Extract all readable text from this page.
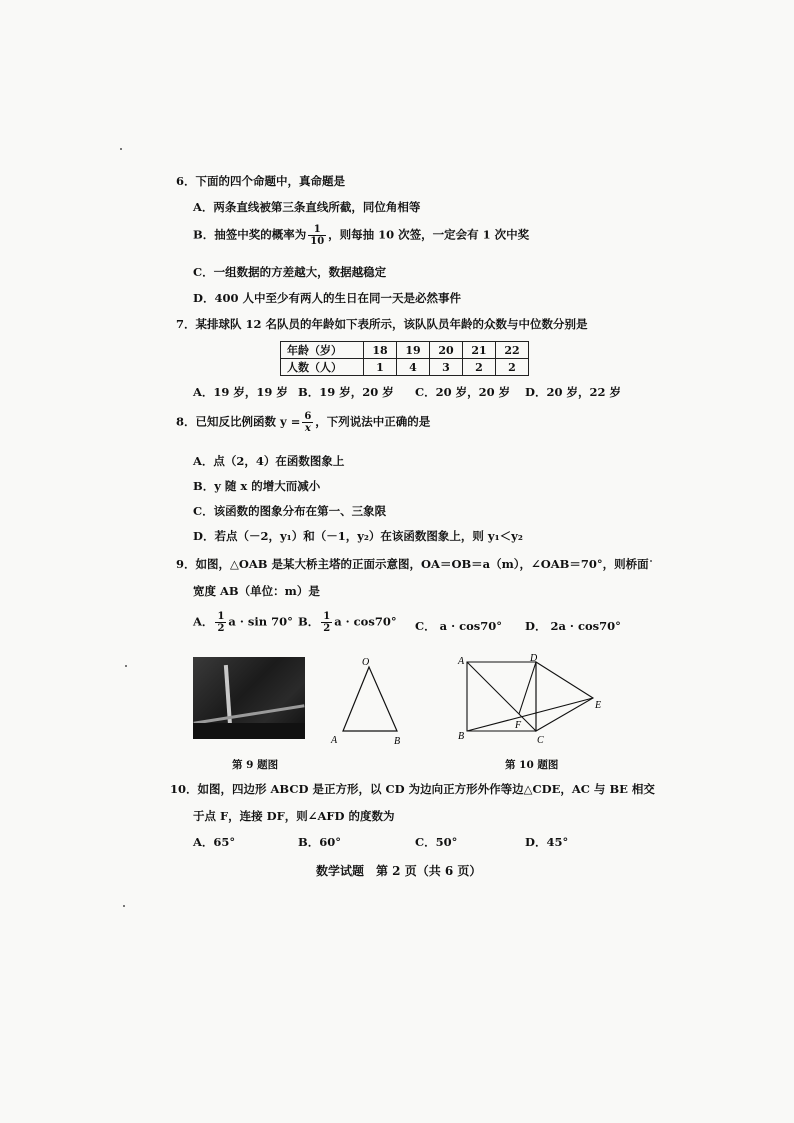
6．下面的四个命题中，真命题是
A．两条直线被第三条直线所截，同位角相等
B．抽签中奖的概率为 $\frac{1}{10}$ ，则每抽 10 次签，一定会有 1 次中奖
C．一组数据的方差越大，数据越稳定
D．400 人中至少有两人的生日在同一天是必然事件
7．某排球队 12 名队员的年龄如下表所示，该队队员年龄的众数与中位数分别是
年龄（岁）	18	19	20	21	22
人数（人）	1	4	3	2	2
A．19 岁，19 岁 B．19 岁，20 岁 C．20 岁，20 岁 D．20 岁，22 岁
8．已知反比例函数 $y = \frac{6}{x}$ ，下列说法中正确的是
A．点（2，4）在函数图象上
B．y 随 x 的增大而减小
C．该函数的图象分布在第一、三象限
D．若点（－2，y₁）和（－1，y₂）在该函数图象上，则 y₁＜y₂
9．如图，△OAB 是某大桥主塔的正面示意图，OA＝OB＝a（m），∠OAB＝70°，则桥面
宽度 AB（单位：m）是
A． $\frac{1}{2}$ a · sin 70° B． $\frac{1}{2}$ a · cos70° C． a · cos70° D． 2a · cos70°
O
A	B
第 9 题图
A	D
E
B	C
F
第 10 题图
10．如图，四边形 ABCD 是正方形，以 CD 为边向正方形外作等边△CDE，AC 与 BE 相交
于点 F，连接 DF，则∠AFD 的度数为
A．65°	B．60°	C．50°	D．45°
数学试题　第 2 页（共 6 页）
